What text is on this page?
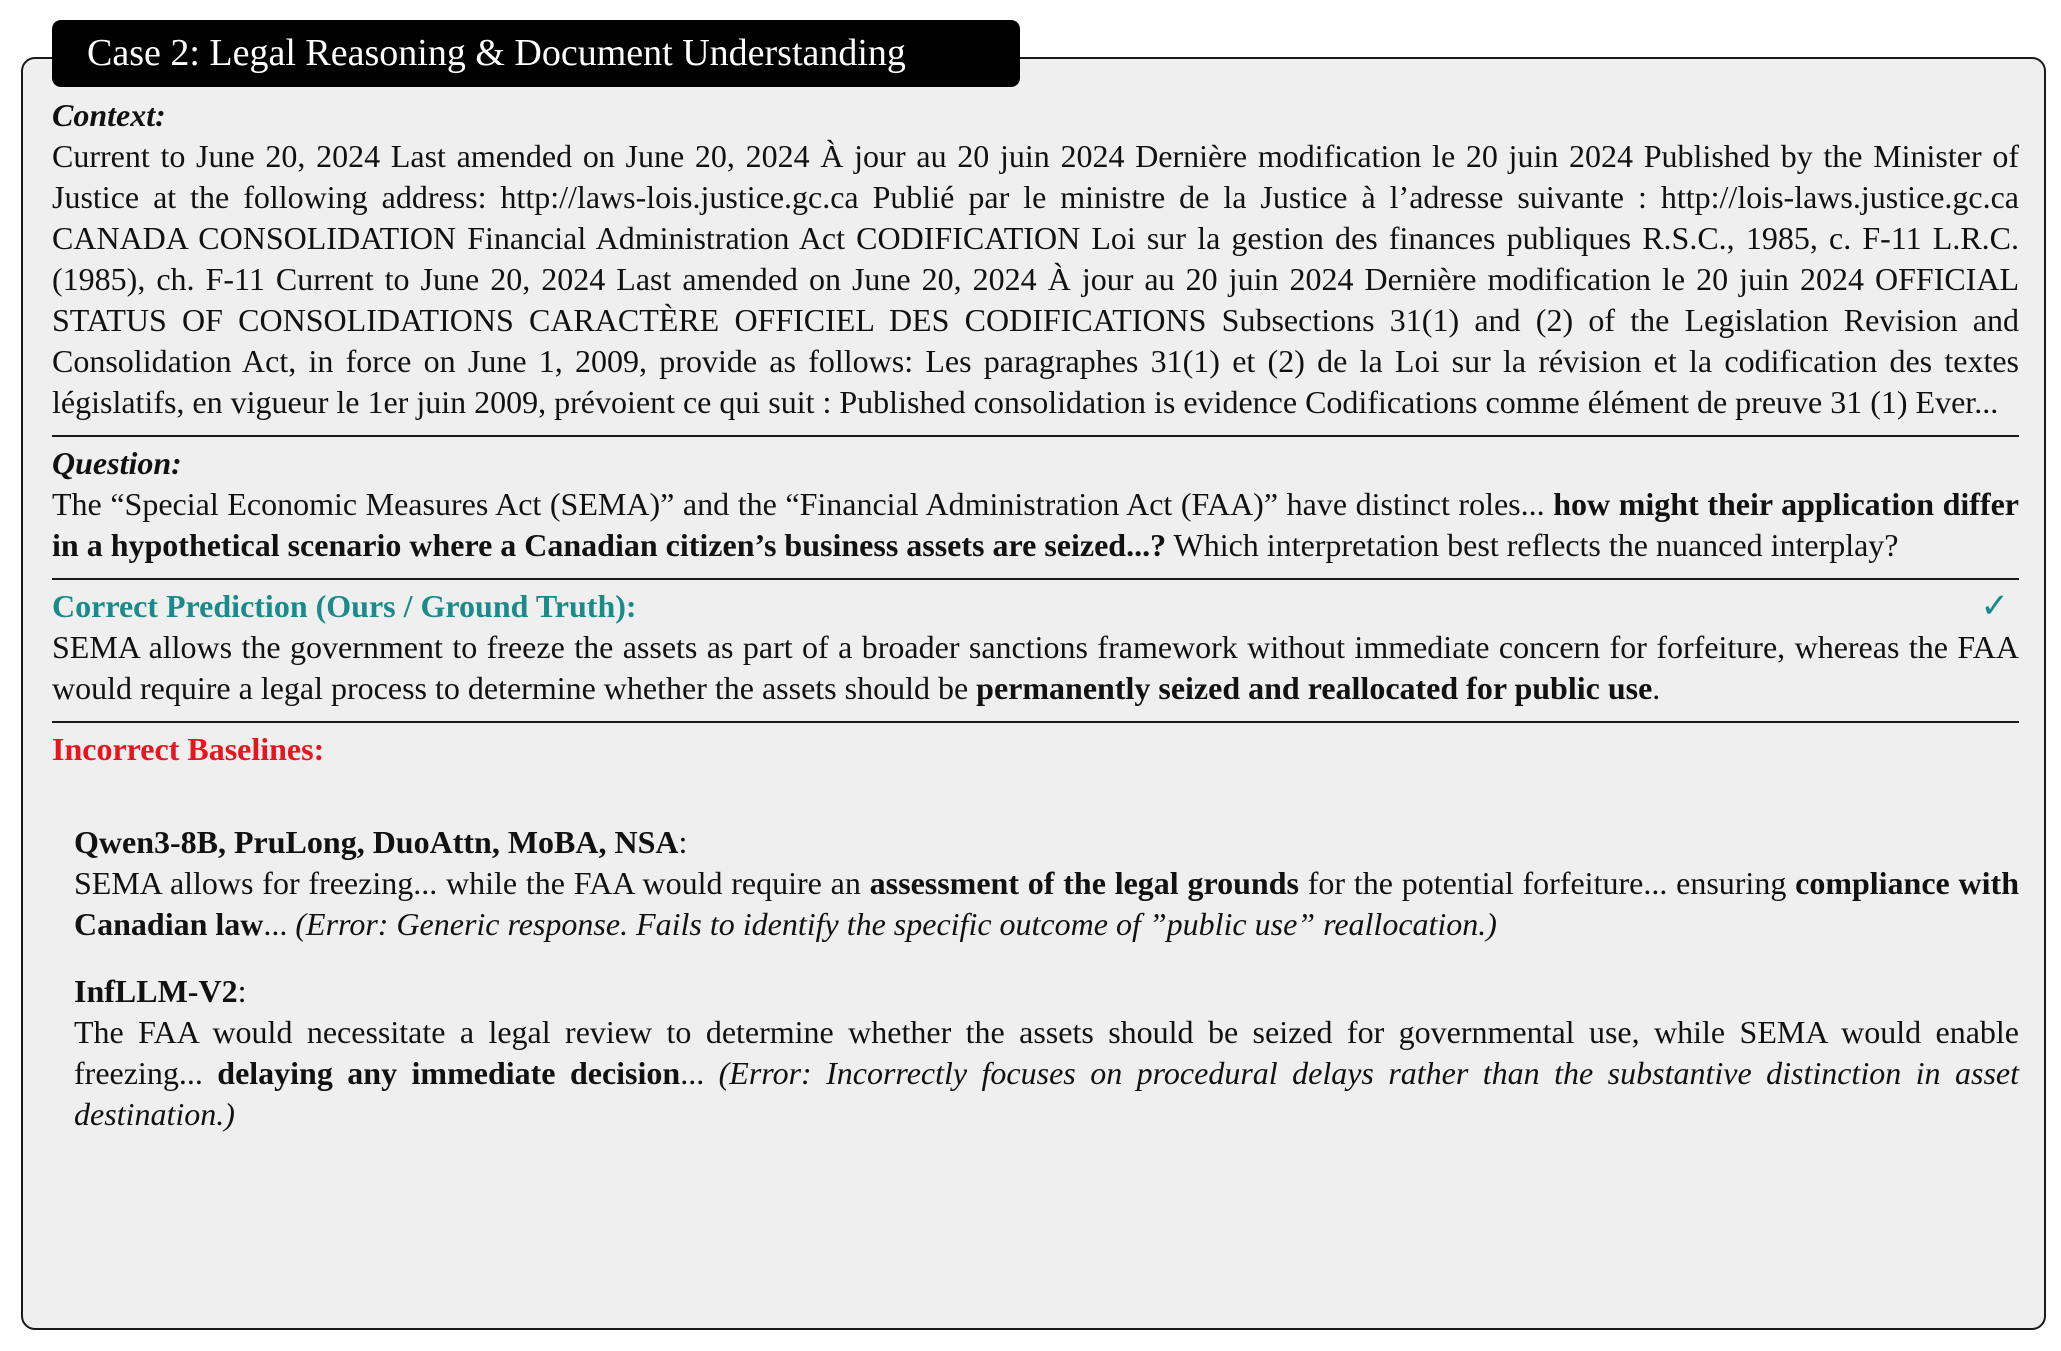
Case 2: Legal Reasoning & Document Understanding
Context:
Current to June 20, 2024 Last amended on June 20, 2024 À jour au 20 juin 2024 Dernière modification le 20 juin 2024 Published by the Minister of Justice at the following address: http://laws-lois.justice.gc.ca Publié par le ministre de la Justice à l’adresse suivante : http://lois-laws.justice.gc.ca CANADA CONSOLIDATION Financial Administration Act CODIFICATION Loi sur la gestion des finances publiques R.S.C., 1985, c. F-11 L.R.C. (1985), ch. F-11 Current to June 20, 2024 Last amended on June 20, 2024 À jour au 20 juin 2024 Dernière modification le 20 juin 2024 OFFICIAL STATUS OF CONSOLIDATIONS CARACTÈRE OFFICIEL DES CODIFICATIONS Subsections 31(1) and (2) of the Legislation Revision and Consolidation Act, in force on June 1, 2009, provide as follows: Les paragraphes 31(1) et (2) de la Loi sur la révision et la codification des textes législatifs, en vigueur le 1er juin 2009, prévoient ce qui suit : Published consolidation is evidence Codifications comme élément de preuve 31 (1) Ever...
Question:
The “Special Economic Measures Act (SEMA)” and the “Financial Administration Act (FAA)” have distinct roles... how might their application differ in a hypothetical scenario where a Canadian citizen’s business assets are seized...? Which interpretation best reflects the nuanced interplay?
Correct Prediction (Ours / Ground Truth):	✓
SEMA allows the government to freeze the assets as part of a broader sanctions framework without immediate concern for forfeiture, whereas the FAA would require a legal process to determine whether the assets should be permanently seized and reallocated for public use.
Incorrect Baselines:
Qwen3-8B, PruLong, DuoAttn, MoBA, NSA:
SEMA allows for freezing... while the FAA would require an assessment of the legal grounds for the potential forfeiture... ensuring compliance with Canadian law... (Error: Generic response. Fails to identify the specific outcome of ”public use” reallocation.)
InfLLM-V2:
The FAA would necessitate a legal review to determine whether the assets should be seized for governmental use, while SEMA would enable freezing... delaying any immediate decision... (Error: Incorrectly focuses on procedural delays rather than the substantive distinction in asset destination.)
